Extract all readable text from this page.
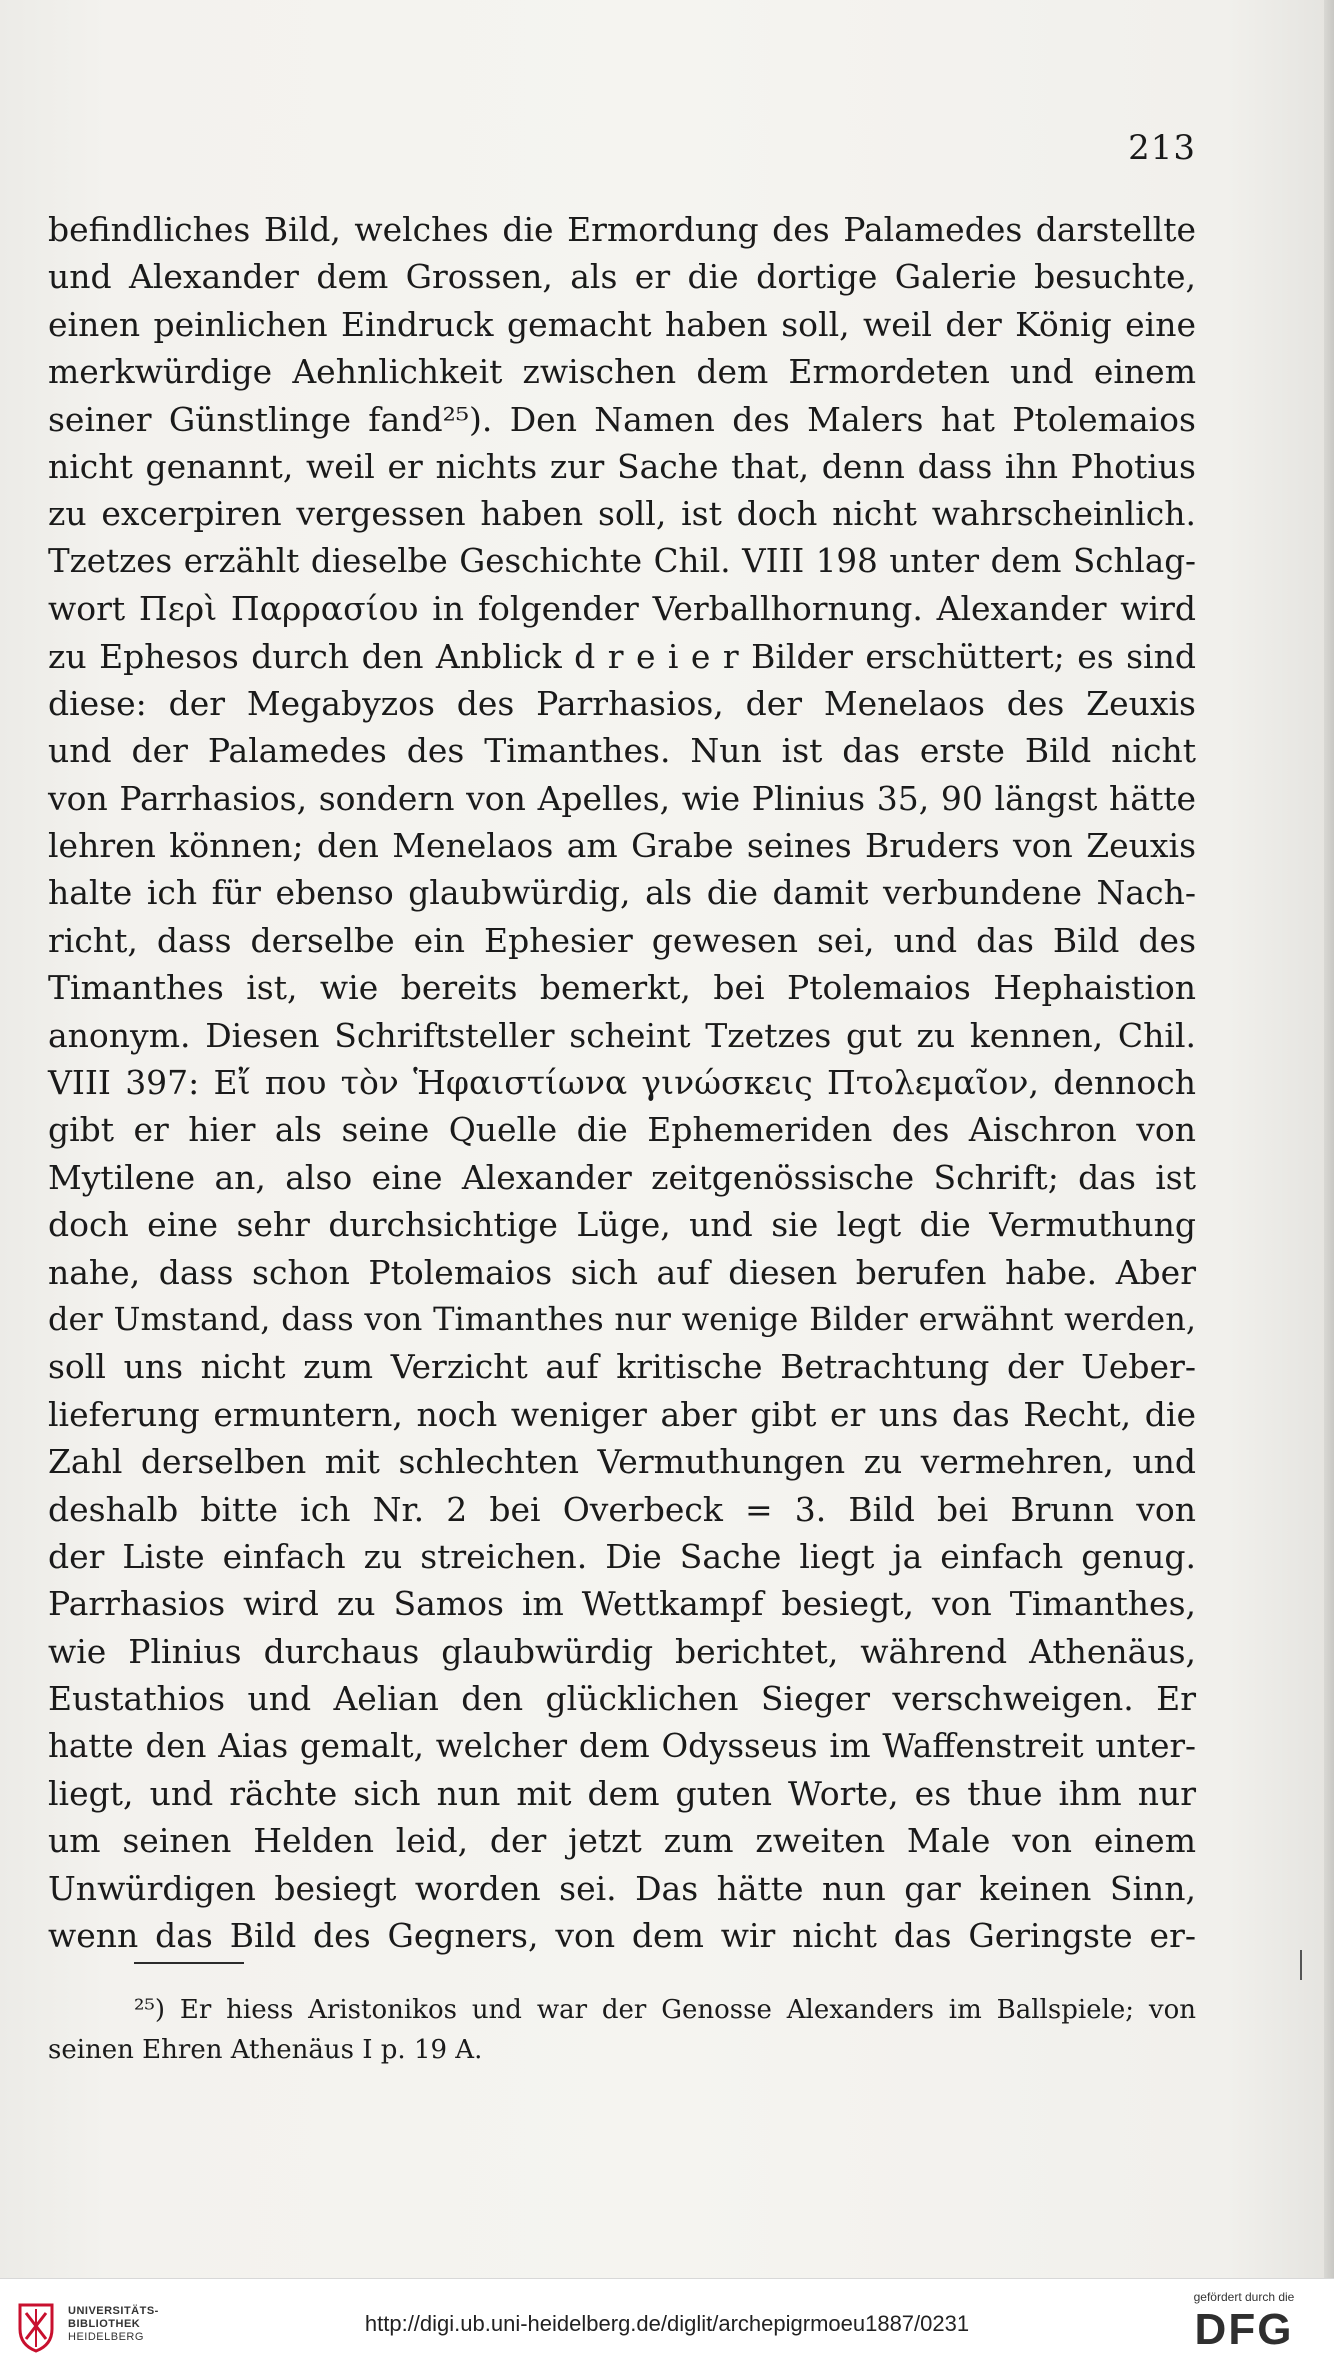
213
befindliches Bild, welches die Ermordung des Palamedes darstellte
und Alexander dem Grossen, als er die dortige Galerie besuchte,
einen peinlichen Eindruck gemacht haben soll, weil der König eine
merkwürdige Aehnlichkeit zwischen dem Ermordeten und einem
seiner Günstlinge fand²⁵). Den Namen des Malers hat Ptolemaios
nicht genannt, weil er nichts zur Sache that, denn dass ihn Photius
zu excerpiren vergessen haben soll, ist doch nicht wahrscheinlich.
Tzetzes erzählt dieselbe Geschichte Chil. VIII 198 unter dem Schlag-
wort Περὶ Παρρασίου in folgender Verballhornung. Alexander wird
zu Ephesos durch den Anblick d r e i e r Bilder erschüttert; es sind
diese: der Megabyzos des Parrhasios, der Menelaos des Zeuxis
und der Palamedes des Timanthes. Nun ist das erste Bild nicht
von Parrhasios, sondern von Apelles, wie Plinius 35, 90 längst hätte
lehren können; den Menelaos am Grabe seines Bruders von Zeuxis
halte ich für ebenso glaubwürdig, als die damit verbundene Nach-
richt, dass derselbe ein Ephesier gewesen sei, und das Bild des
Timanthes ist, wie bereits bemerkt, bei Ptolemaios Hephaistion
anonym. Diesen Schriftsteller scheint Tzetzes gut zu kennen, Chil.
VIII 397: Εἴ που τὸν Ἡφαιστίωνα γινώσκεις Πτολεμαῖον, dennoch
gibt er hier als seine Quelle die Ephemeriden des Aischron von
Mytilene an, also eine Alexander zeitgenössische Schrift; das ist
doch eine sehr durchsichtige Lüge, und sie legt die Vermuthung
nahe, dass schon Ptolemaios sich auf diesen berufen habe. Aber
der Umstand, dass von Timanthes nur wenige Bilder erwähnt werden,
soll uns nicht zum Verzicht auf kritische Betrachtung der Ueber-
lieferung ermuntern, noch weniger aber gibt er uns das Recht, die
Zahl derselben mit schlechten Vermuthungen zu vermehren, und
deshalb bitte ich Nr. 2 bei Overbeck = 3. Bild bei Brunn von
der Liste einfach zu streichen. Die Sache liegt ja einfach genug.
Parrhasios wird zu Samos im Wettkampf besiegt, von Timanthes,
wie Plinius durchaus glaubwürdig berichtet, während Athenäus,
Eustathios und Aelian den glücklichen Sieger verschweigen. Er
hatte den Aias gemalt, welcher dem Odysseus im Waffenstreit unter-
liegt, und rächte sich nun mit dem guten Worte, es thue ihm nur
um seinen Helden leid, der jetzt zum zweiten Male von einem
Unwürdigen besiegt worden sei. Das hätte nun gar keinen Sinn,
wenn das Bild des Gegners, von dem wir nicht das Geringste er-
²⁵) Er hiess Aristonikos und war der Genosse Alexanders im Ballspiele; von
seinen Ehren Athenäus I p. 19 A.
UNIVERSITÄTS-
BIBLIOTHEK
HEIDELBERG
http://digi.ub.uni-heidelberg.de/diglit/archepigrmoeu1887/0231
gefördert durch die
DFG
